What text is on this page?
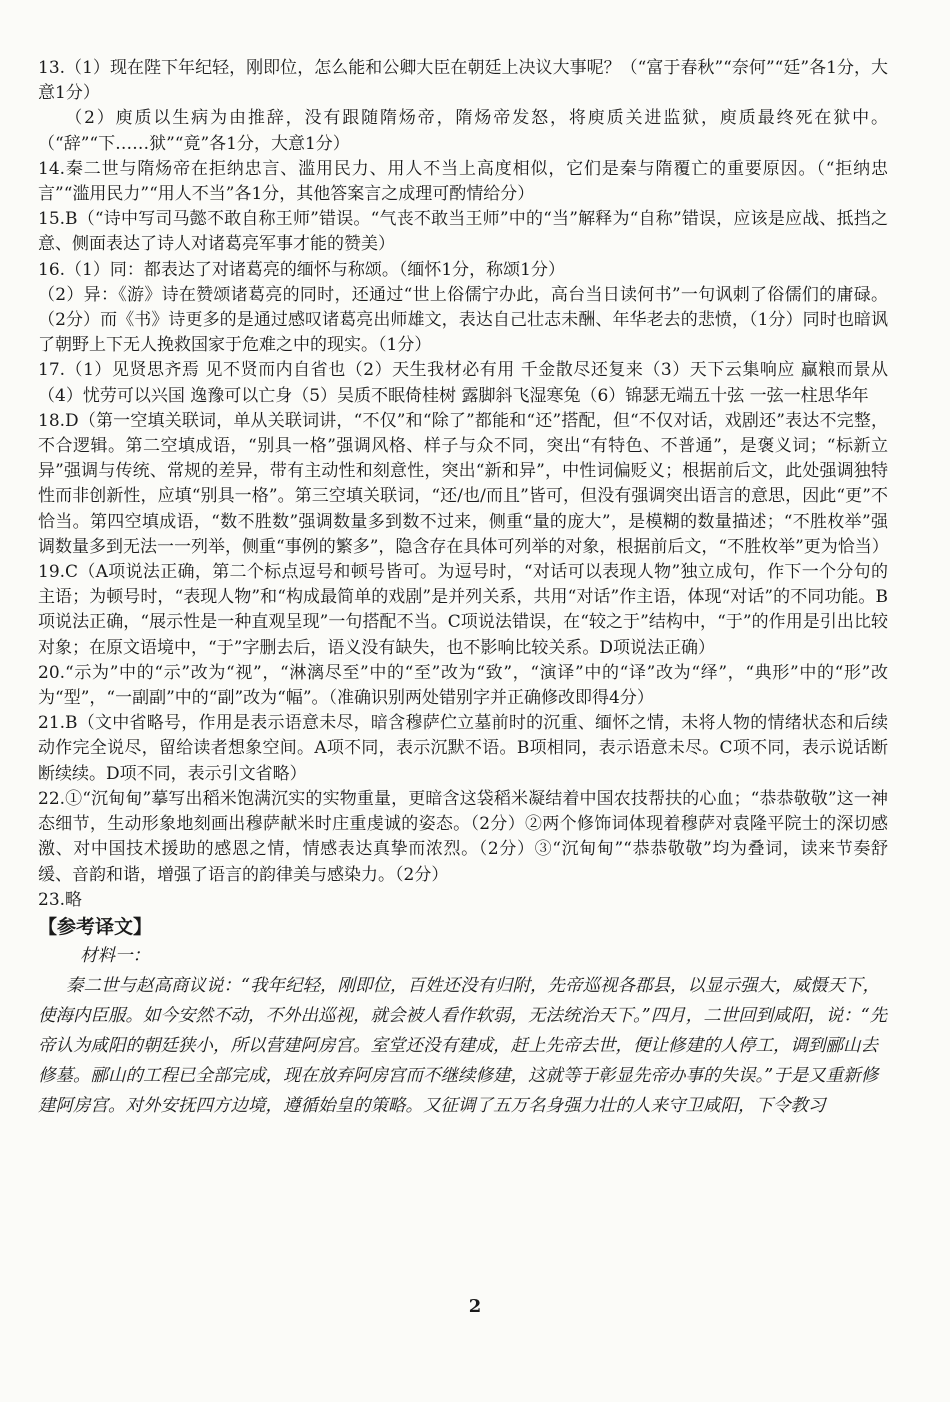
13.（1）现在陛下年纪轻，刚即位，怎么能和公卿大臣在朝廷上决议大事呢？（“富于春秋”“奈何”“廷”各1分，大意1分）

（2）庾质以生病为由推辞，没有跟随隋炀帝，隋炀帝发怒，将庾质关进监狱，庾质最终死在狱中。（“辞”“下……狱”“竟”各1分，大意1分）

14.秦二世与隋炀帝在拒纳忠言、滥用民力、用人不当上高度相似，它们是秦与隋覆亡的重要原因。（“拒纳忠言”“滥用民力”“用人不当”各1分，其他答案言之成理可酌情给分）

15.B（“诗中写司马懿不敢自称王师”错误。“气丧不敢当王师”中的“当”解释为“自称”错误，应该是应战、抵挡之意、侧面表达了诗人对诸葛亮军事才能的赞美）

16.（1）同：都表达了对诸葛亮的缅怀与称颂。（缅怀1分，称颂1分）

（2）异：《游》诗在赞颂诸葛亮的同时，还通过“世上俗儒宁办此，高台当日读何书”一句讽刺了俗儒们的庸碌。（2分）而《书》诗更多的是通过感叹诸葛亮出师雄文，表达自己壮志未酬、年华老去的悲愤，（1分）同时也暗讽了朝野上下无人挽救国家于危难之中的现实。（1分）

17.（1）见贤思齐焉 见不贤而内自省也（2）天生我材必有用 千金散尽还复来（3）天下云集响应 赢粮而景从（4）忧劳可以兴国 逸豫可以亡身（5）吴质不眠倚桂树 露脚斜飞湿寒兔（6）锦瑟无端五十弦 一弦一柱思华年

18.D（第一空填关联词，单从关联词讲，“不仅”和“除了”都能和“还”搭配，但“不仅对话，戏剧还”表达不完整，不合逻辑。第二空填成语，“别具一格”强调风格、样子与众不同，突出“有特色、不普通”，是褒义词；“标新立异”强调与传统、常规的差异，带有主动性和刻意性，突出“新和异”，中性词偏贬义；根据前后文，此处强调独特性而非创新性，应填“别具一格”。第三空填关联词，“还/也/而且”皆可，但没有强调突出语言的意思，因此“更”不恰当。第四空填成语，“数不胜数”强调数量多到数不过来，侧重“量的庞大”，是模糊的数量描述；“不胜枚举”强调数量多到无法一一列举，侧重“事例的繁多”，隐含存在具体可列举的对象，根据前后文，“不胜枚举”更为恰当）

19.C（A项说法正确，第二个标点逗号和顿号皆可。为逗号时，“对话可以表现人物”独立成句，作下一个分句的主语；为顿号时，“表现人物”和“构成最简单的戏剧”是并列关系，共用“对话”作主语，体现“对话”的不同功能。B项说法正确，“展示性是一种直观呈现”一句搭配不当。C项说法错误，在“较之于”结构中，“于”的作用是引出比较对象；在原文语境中，“于”字删去后，语义没有缺失，也不影响比较关系。D项说法正确）

20.“示为”中的“示”改为“视”，“淋漓尽至”中的“至”改为“致”，“演译”中的“译”改为“绎”，“典形”中的“形”改为“型”，“一副副”中的“副”改为“幅”。（准确识别两处错别字并正确修改即得4分）

21.B（文中省略号，作用是表示语意未尽，暗含穆萨伫立墓前时的沉重、缅怀之情，未将人物的情绪状态和后续动作完全说尽，留给读者想象空间。A项不同，表示沉默不语。B项相同，表示语意未尽。C项不同，表示说话断断续续。D项不同，表示引文省略）

22.①“沉甸甸”摹写出稻米饱满沉实的实物重量，更暗含这袋稻米凝结着中国农技帮扶的心血；“恭恭敬敬”这一神态细节，生动形象地刻画出穆萨献米时庄重虔诚的姿态。（2分）②两个修饰词体现着穆萨对袁隆平院士的深切感激、对中国技术援助的感恩之情，情感表达真挚而浓烈。（2分）③“沉甸甸”“恭恭敬敬”均为叠词，读来节奏舒缓、音韵和谐，增强了语言的韵律美与感染力。（2分）

23.略

【参考译文】

材料一：

秦二世与赵高商议说：“我年纪轻，刚即位，百姓还没有归附，先帝巡视各郡县，以显示强大，威慑天下，使海内臣服。如今安然不动，不外出巡视，就会被人看作软弱，无法统治天下。”四月，二世回到咸阳，说：“先帝认为咸阳的朝廷狭小，所以营建阿房宫。室堂还没有建成，赶上先帝去世，便让修建的人停工，调到郦山去修墓。郦山的工程已全部完成，现在放弃阿房宫而不继续修建，这就等于彰显先帝办事的失误。”于是又重新修建阿房宫。对外安抚四方边境，遵循始皇的策略。又征调了五万名身强力壮的人来守卫咸阳，下令教习

2
